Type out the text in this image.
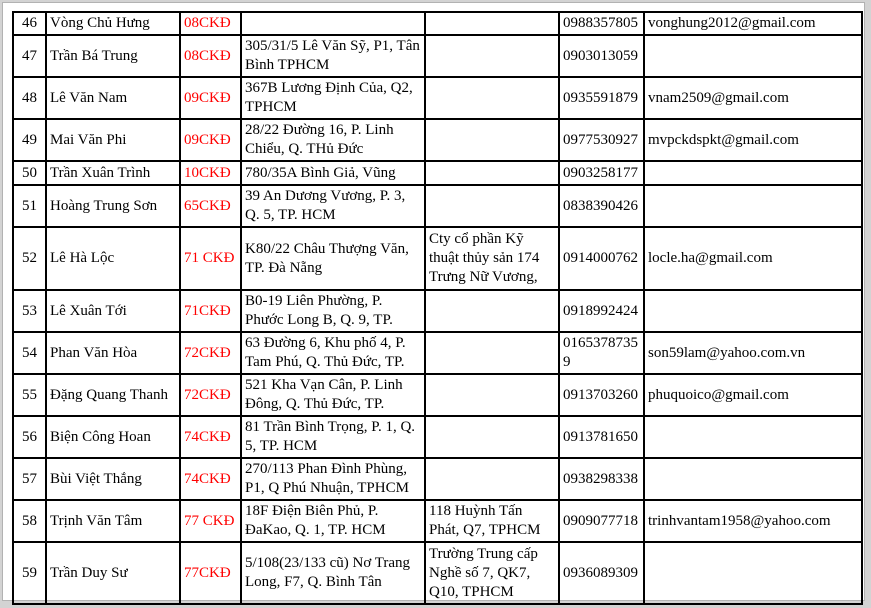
46	Vòng Chủ Hưng	08CKĐ			0988357805	vonghung2012@gmail.com
47	Trần Bá Trung	08CKĐ	305/31/5 Lê Văn Sỹ, P1, Tân Bình TPHCM		0903013059	
48	Lê Văn Nam	09CKĐ	367B Lương Định Của, Q2, TPHCM		0935591879	vnam2509@gmail.com
49	Mai Văn Phi	09CKĐ	28/22 Đường 16, P. Linh Chiểu, Q. THủ Đức		0977530927	mvpckdspkt@gmail.com
50	Trần Xuân Trình	10CKĐ	780/35A Bình Giả, Vũng		0903258177	
51	Hoàng Trung Sơn	65CKĐ	39 An Dương Vương, P. 3, Q. 5, TP. HCM		0838390426	
52	Lê Hà Lộc	71 CKĐ	K80/22 Châu Thượng Văn, TP. Đà Nẵng	Cty cổ phần Kỹ thuật thủy sản 174 Trưng Nữ Vương,	0914000762	locle.ha@gmail.com
53	Lê Xuân Tới	71CKĐ	B0-19 Liên Phường, P. Phước Long B, Q. 9, TP.		0918992424	
54	Phan Văn Hòa	72CKĐ	63 Đường 6, Khu phố 4, P. Tam Phú, Q. Thủ Đức, TP.		01653787359	son59lam@yahoo.com.vn
55	Đặng Quang Thanh	72CKĐ	521 Kha Vạn Cân, P. Linh Đông, Q. Thủ Đức, TP.		0913703260	phuquoico@gmail.com
56	Biện Công Hoan	74CKĐ	81 Trần Bình Trọng, P. 1, Q. 5, TP. HCM		0913781650	
57	Bùi Việt Thắng	74CKĐ	270/113 Phan Đình Phùng, P1, Q Phú Nhuận, TPHCM		0938298338	
58	Trịnh Văn Tâm	77 CKĐ	18F Điện Biên Phủ, P. ĐaKao, Q. 1, TP. HCM	118 Huỳnh Tấn Phát, Q7, TPHCM	0909077718	trinhvantam1958@yahoo.com
59	Trần Duy Sư	77CKĐ	5/108(23/133 cũ) Nơ Trang Long, F7, Q. Bình Tân	Trường Trung cấp Nghề số 7, QK7, Q10, TPHCM	0936089309	
